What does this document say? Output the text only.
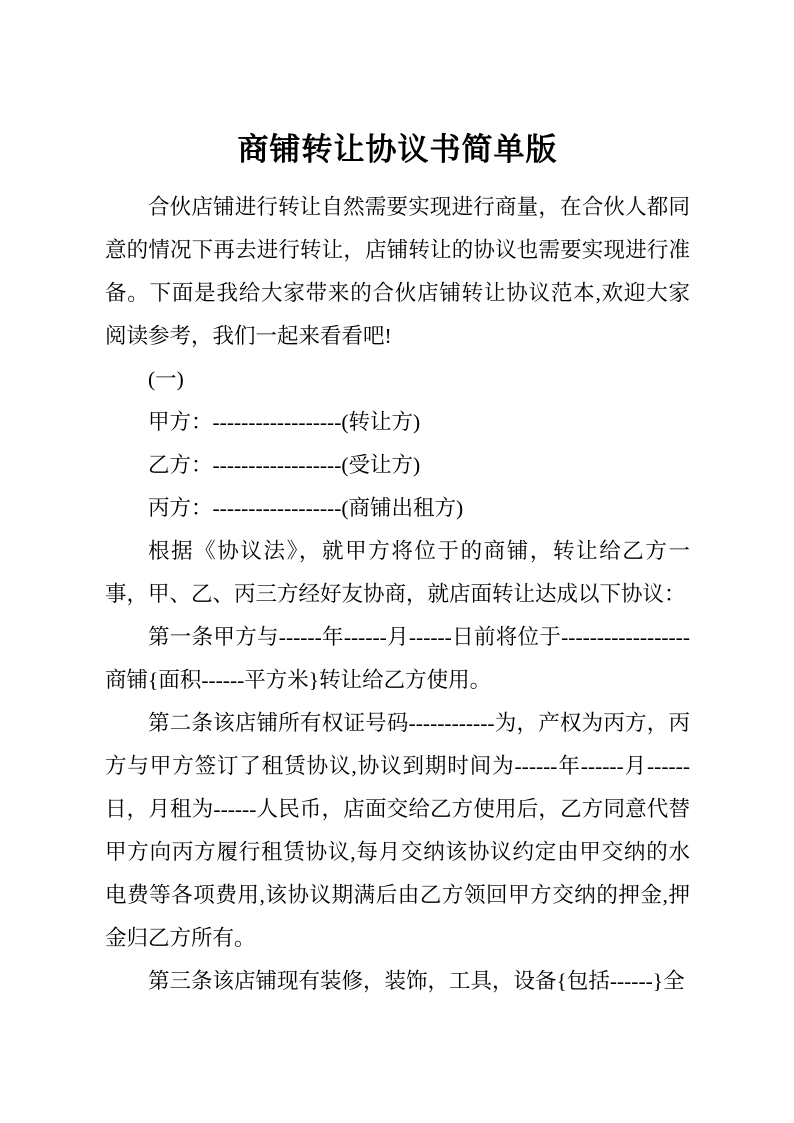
商铺转让协议书简单版

合伙店铺进行转让自然需要实现进行商量，在合伙人都同意的情况下再去进行转让，店铺转让的协议也需要实现进行准备。下面是我给大家带来的合伙店铺转让协议范本,欢迎大家阅读参考，我们一起来看看吧!

(一)

甲方：------------------(转让方)

乙方：------------------(受让方)

丙方：------------------(商铺出租方)

根据《协议法》，就甲方将位于的商铺，转让给乙方一事，甲、乙、丙三方经好友协商，就店面转让达成以下协议：

第一条甲方与------年------月------日前将位于------------------商铺{面积------平方米}转让给乙方使用。

第二条该店铺所有权证号码------------为，产权为丙方，丙方与甲方签订了租赁协议,协议到期时间为------年------月------日，月租为------人民币，店面交给乙方使用后，乙方同意代替甲方向丙方履行租赁协议,每月交纳该协议约定由甲交纳的水电费等各项费用,该协议期满后由乙方领回甲方交纳的押金,押金归乙方所有。

第三条该店铺现有装修，装饰，工具，设备{包括------}全
